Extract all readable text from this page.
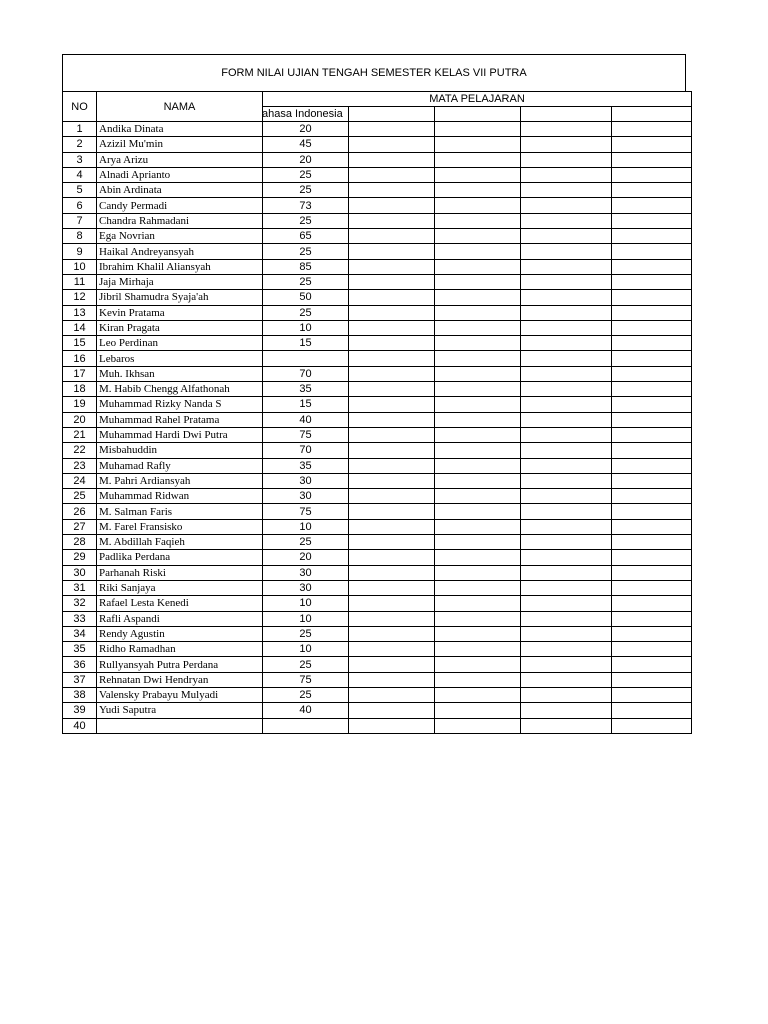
FORM NILAI UJIAN TENGAH SEMESTER KELAS VII PUTRA
NO	NAMA	MATA PELAJARAN				
		ahasa Indonesia				
1	Andika Dinata	20				
2	Azizil Mu'min	45				
3	Arya Arizu	20				
4	Alnadi Aprianto	25				
5	Abin Ardinata	25				
6	Candy Permadi	73				
7	Chandra Rahmadani	25				
8	Ega Novrian	65				
9	Haikal Andreyansyah	25				
10	Ibrahim Khalil Aliansyah	85				
11	Jaja Mirhaja	25				
12	Jibril Shamudra Syaja'ah	50				
13	Kevin Pratama	25				
14	Kiran Pragata	10				
15	Leo Perdinan	15				
16	Lebaros					
17	Muh. Ikhsan	70				
18	M. Habib Chengg Alfathonah	35				
19	Muhammad Rizky Nanda S	15				
20	Muhammad Rahel Pratama	40				
21	Muhammad Hardi Dwi Putra	75				
22	Misbahuddin	70				
23	Muhamad Rafly	35				
24	M. Pahri Ardiansyah	30				
25	Muhammad Ridwan	30				
26	M. Salman Faris	75				
27	M. Farel Fransisko	10				
28	M. Abdillah Faqieh	25				
29	Padlika Perdana	20				
30	Parhanah Riski	30				
31	Riki Sanjaya	30				
32	Rafael Lesta Kenedi	10				
33	Rafli Aspandi	10				
34	Rendy Agustin	25				
35	Ridho Ramadhan	10				
36	Rullyansyah Putra Perdana	25				
37	Rehnatan Dwi Hendryan	75				
38	Valensky Prabayu Mulyadi	25				
39	Yudi Saputra	40				
40						
